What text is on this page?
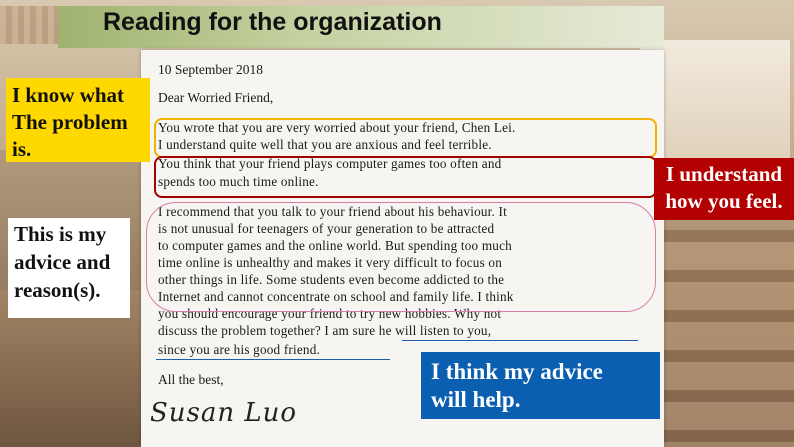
Reading for the organization
10 September 2018
Dear Worried Friend,
You wrote that you are very worried about your friend, Chen Lei.
I understand quite well that you are anxious and feel terrible.
You think that your friend plays computer games too often and
spends too much time online.
I recommend that you talk to your friend about his behaviour. It
is not unusual for teenagers of your generation to be attracted
to computer games and the online world. But spending too much
time online is unhealthy and makes it very difficult to focus on
other things in life. Some students even become addicted to the
Internet and cannot concentrate on school and family life. I think
you should encourage your friend to try new hobbies. Why not
discuss the problem together? I am sure he will listen to you,
since you are his good friend.
All the best,
Susan Luo
I know what
The problem
is.
This is my
advice and
reason(s).
I understand
how you feel.
I think my advice
will help.
